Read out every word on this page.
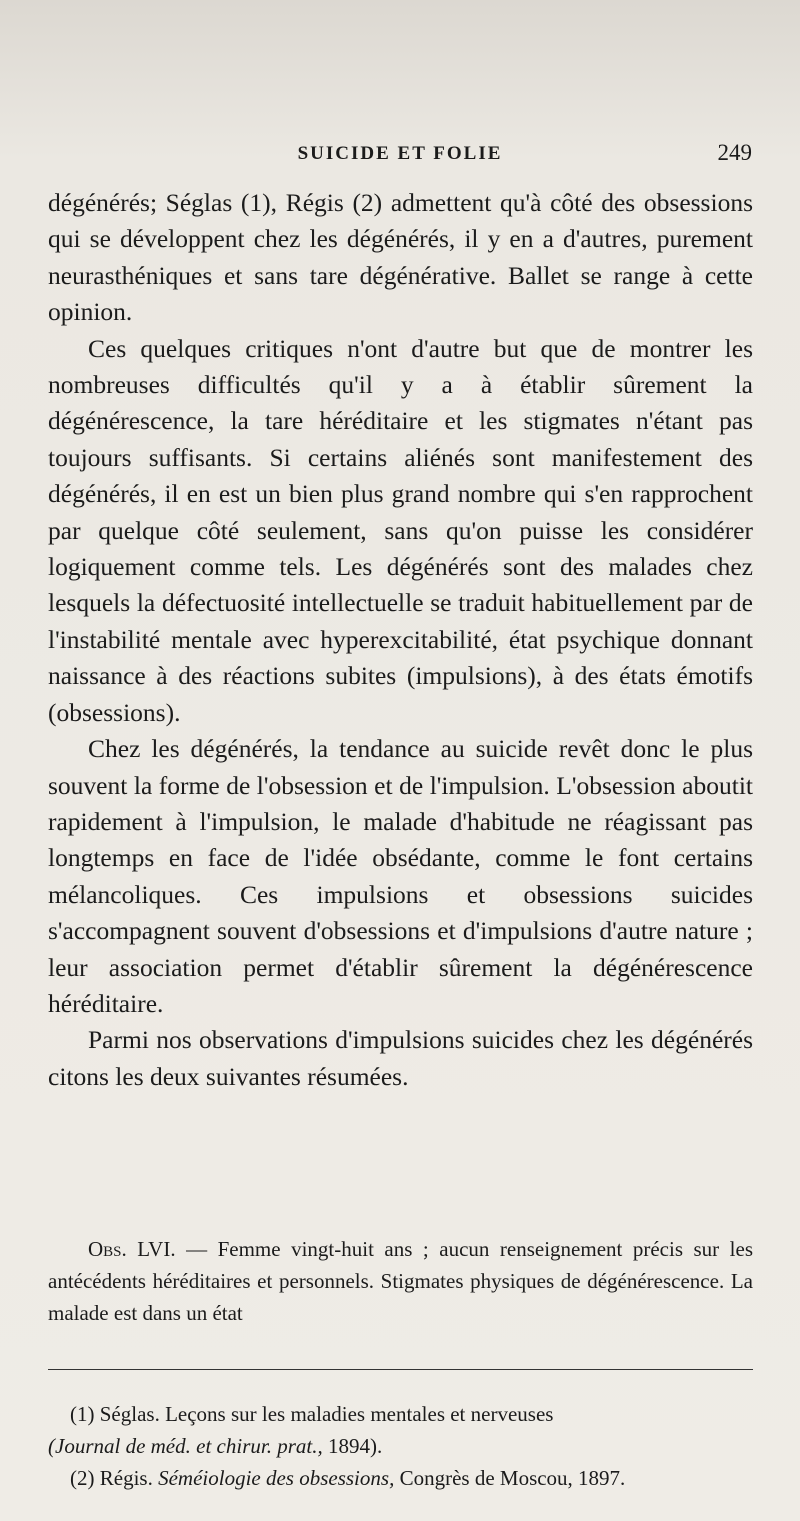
SUICIDE ET FOLIE	249

dégénérés; Séglas (1), Régis (2) admettent qu'à côté des obsessions qui se développent chez les dégénérés, il y en a d'autres, purement neurasthéniques et sans tare dégénérative. Ballet se range à cette opinion.

Ces quelques critiques n'ont d'autre but que de montrer les nombreuses difficultés qu'il y a à établir sûrement la dégénérescence, la tare héréditaire et les stigmates n'étant pas toujours suffisants. Si certains aliénés sont manifestement des dégénérés, il en est un bien plus grand nombre qui s'en rapprochent par quelque côté seulement, sans qu'on puisse les considérer logiquement comme tels. Les dégénérés sont des malades chez lesquels la défectuosité intellectuelle se traduit habituellement par de l'instabilité mentale avec hyperexcitabilité, état psychique donnant naissance à des réactions subites (impulsions), à des états émotifs (obsessions).

Chez les dégénérés, la tendance au suicide revêt donc le plus souvent la forme de l'obsession et de l'impulsion. L'obsession aboutit rapidement à l'impulsion, le malade d'habitude ne réagissant pas longtemps en face de l'idée obsédante, comme le font certains mélancoliques. Ces impulsions et obsessions suicides s'accompagnent souvent d'obsessions et d'impulsions d'autre nature ; leur association permet d'établir sûrement la dégénérescence héréditaire.

Parmi nos observations d'impulsions suicides chez les dégénérés citons les deux suivantes résumées.

Obs. LVI. — Femme vingt-huit ans ; aucun renseignement précis sur les antécédents héréditaires et personnels. Stigmates physiques de dégénérescence. La malade est dans un état

(1) Séglas. Leçons sur les maladies mentales et nerveuses

(Journal de méd. et chirur. prat., 1894).

(2) Régis. Séméiologie des obsessions, Congrès de Moscou, 1897.
